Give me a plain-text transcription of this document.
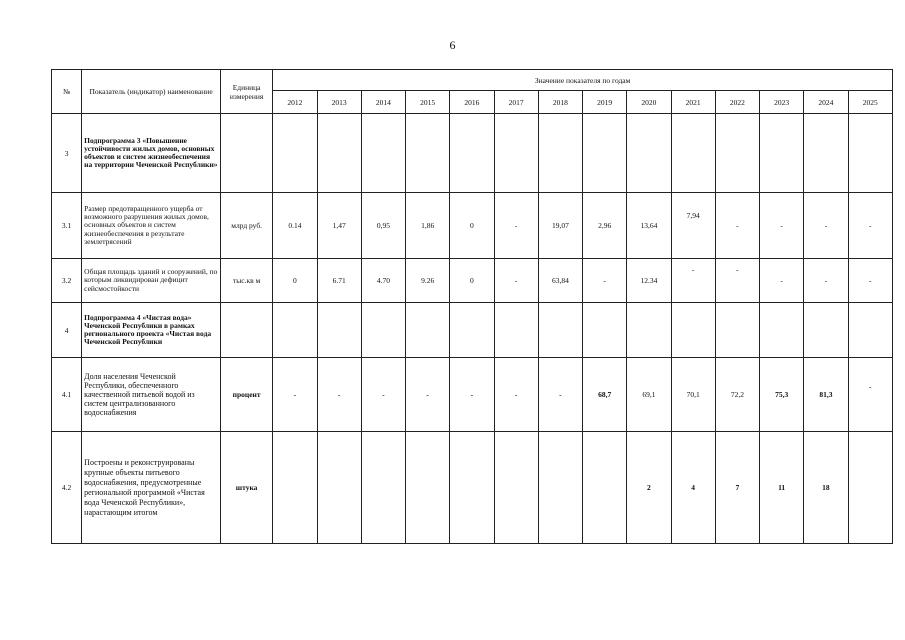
6
№	Показатель (индикатор) наименование	Единица измерения	Значение показателя по годам													
			2012	2013	2014	2015	2016	2017	2018	2019	2020	2021	2022	2023	2024	2025
3	Подпрограмма 3 «Повышение устойчивости жилых домов, основных объектов и систем жизнеобеспечения на территории Чеченской Республики»															
3.1	Размер предотвращенного ущерба от возможного разрушения жилых домов, основных объектов и систем жизнеобеспечения в результате землетрясений	млрд руб.	0.14	1,47	0,95	1,86	0	-	19,07	2,96	13,64	7,94	-	-	-	-
3.2	Общая площадь зданий и сооружений, по которым ликвидирован дефицит сейсмостойкости	тыс.кв м	0	6.71	4.70	9.26	0	-	63,84	-	12.34	-	-	-	-	-
4	Подпрограмма 4 «Чистая вода» Чеченской Республики в рамках регионального проекта «Чистая вода Чеченской Республики															
4.1	Доля населения Чеченской Республики, обеспеченного качественной питьевой водой из систем централизованного водоснабжения	процент	-	-	-	-	-	-	-	68,7	69,1	70,1	72,2	75,3	81,3	-
4.2	Построены и реконструированы крупные объекты питьевого водоснабжения, предусмотренные региональной программой «Чистая вода Чеченской Республики», нарастающим итогом	штука									2	4	7	11	18	
